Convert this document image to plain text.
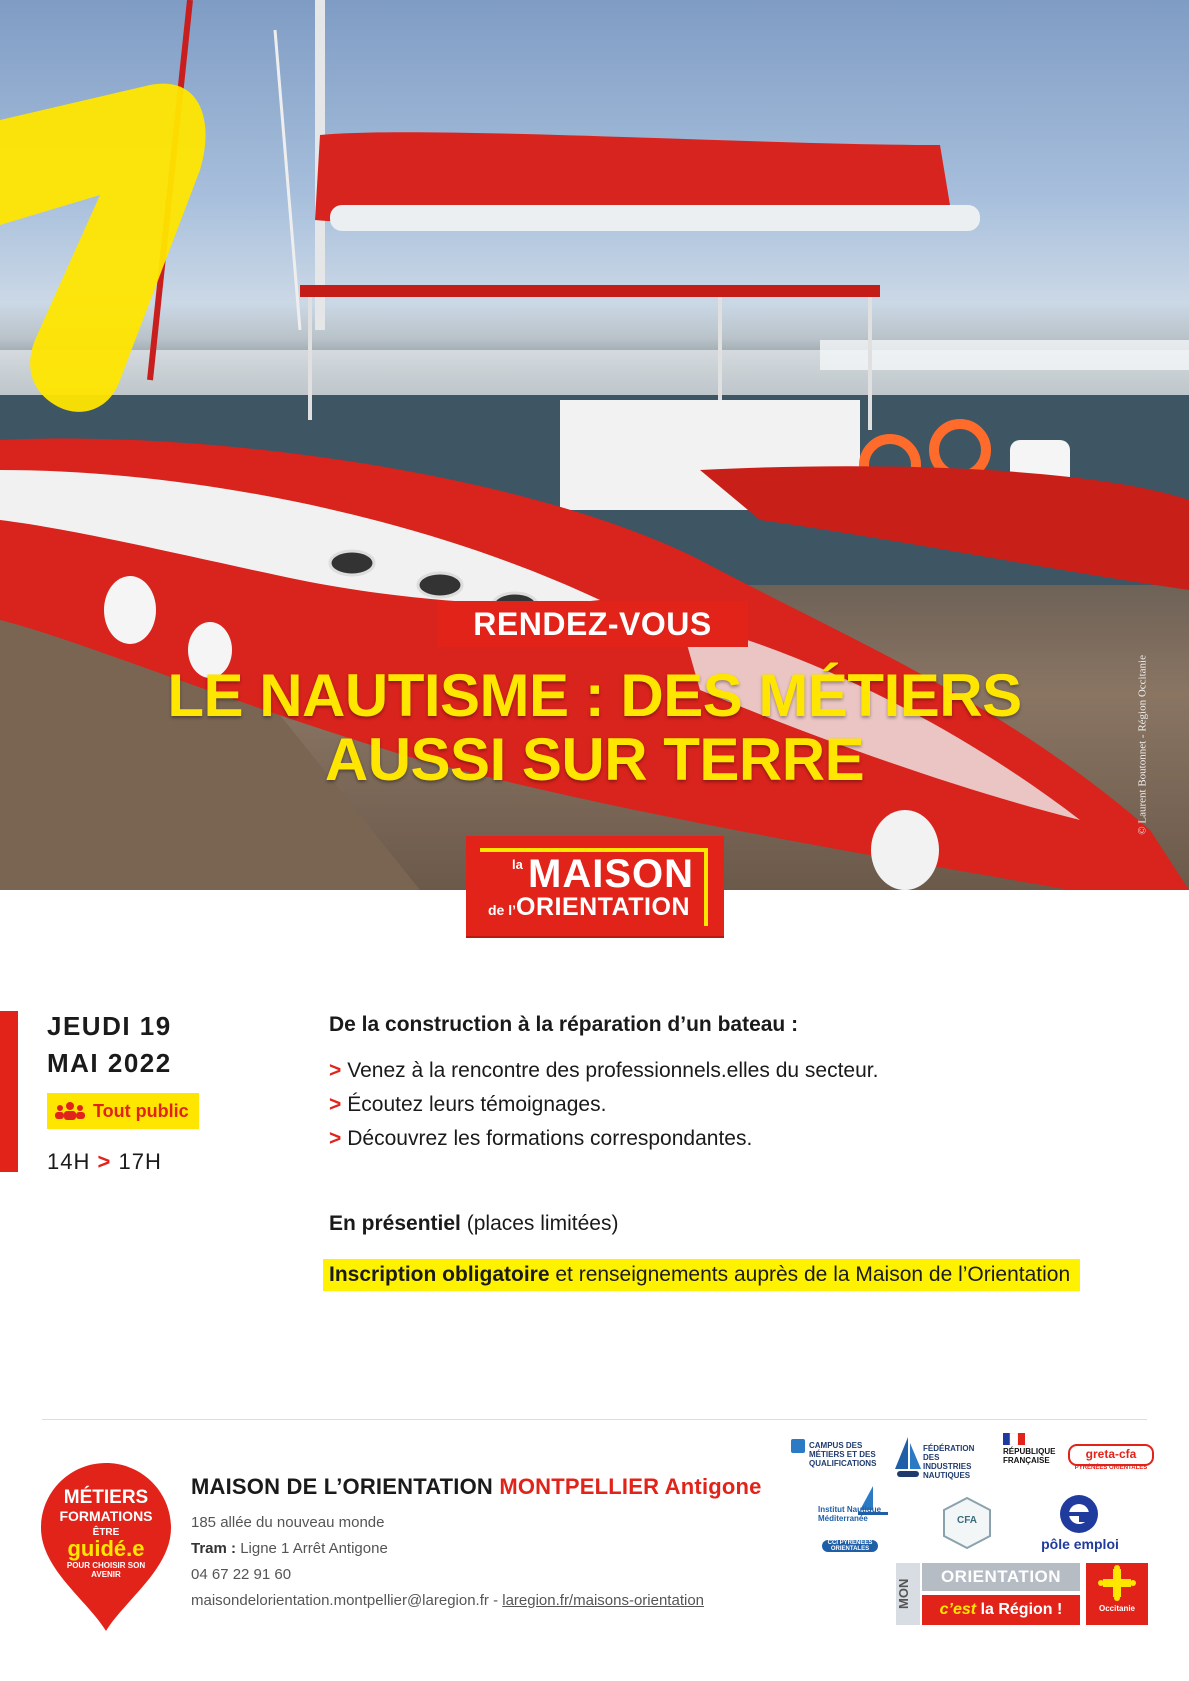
© Laurent Boutonnet - Région Occitanie
RENDEZ-VOUS
LE NAUTISME : DES MÉTIERS
AUSSI SUR TERRE
la MAISON
de l’ ORIENTATION
JEUDI 19
MAI 2022
Tout public
14H > 17H
De la construction à la réparation d’un bateau :

> Venez à la rencontre des professionnels.elles du secteur.

> Écoutez leurs témoignages.

> Découvrez les formations correspondantes.

En présentiel (places limitées)
Inscription obligatoire et renseignements auprès de la Maison de l’Orientation
MÉTIERS
FORMATIONS
ÊTRE
guidé.e
POUR CHOISIR SON AVENIR
MAISON DE L’ORIENTATION MONTPELLIER Antigone
185 allée du nouveau monde
Tram : Ligne 1 Arrêt Antigone
04 67 22 91 60
maisondelorientation.montpellier@laregion.fr - laregion.fr/maisons-orientation
CAMPUS DES MÉTIERS ET DES QUALIFICATIONS
FÉDÉRATION DES INDUSTRIES NAUTIQUES
RÉPUBLIQUE FRANÇAISE	greta-cfa
PYRÉNÉES ORIENTALES
Institut Nautique Méditerranée
CCI PYRÉNÉES ORIENTALES
CFA
pôle emploi
MON
ORIENTATION
c’est la Région !	Occitanie
